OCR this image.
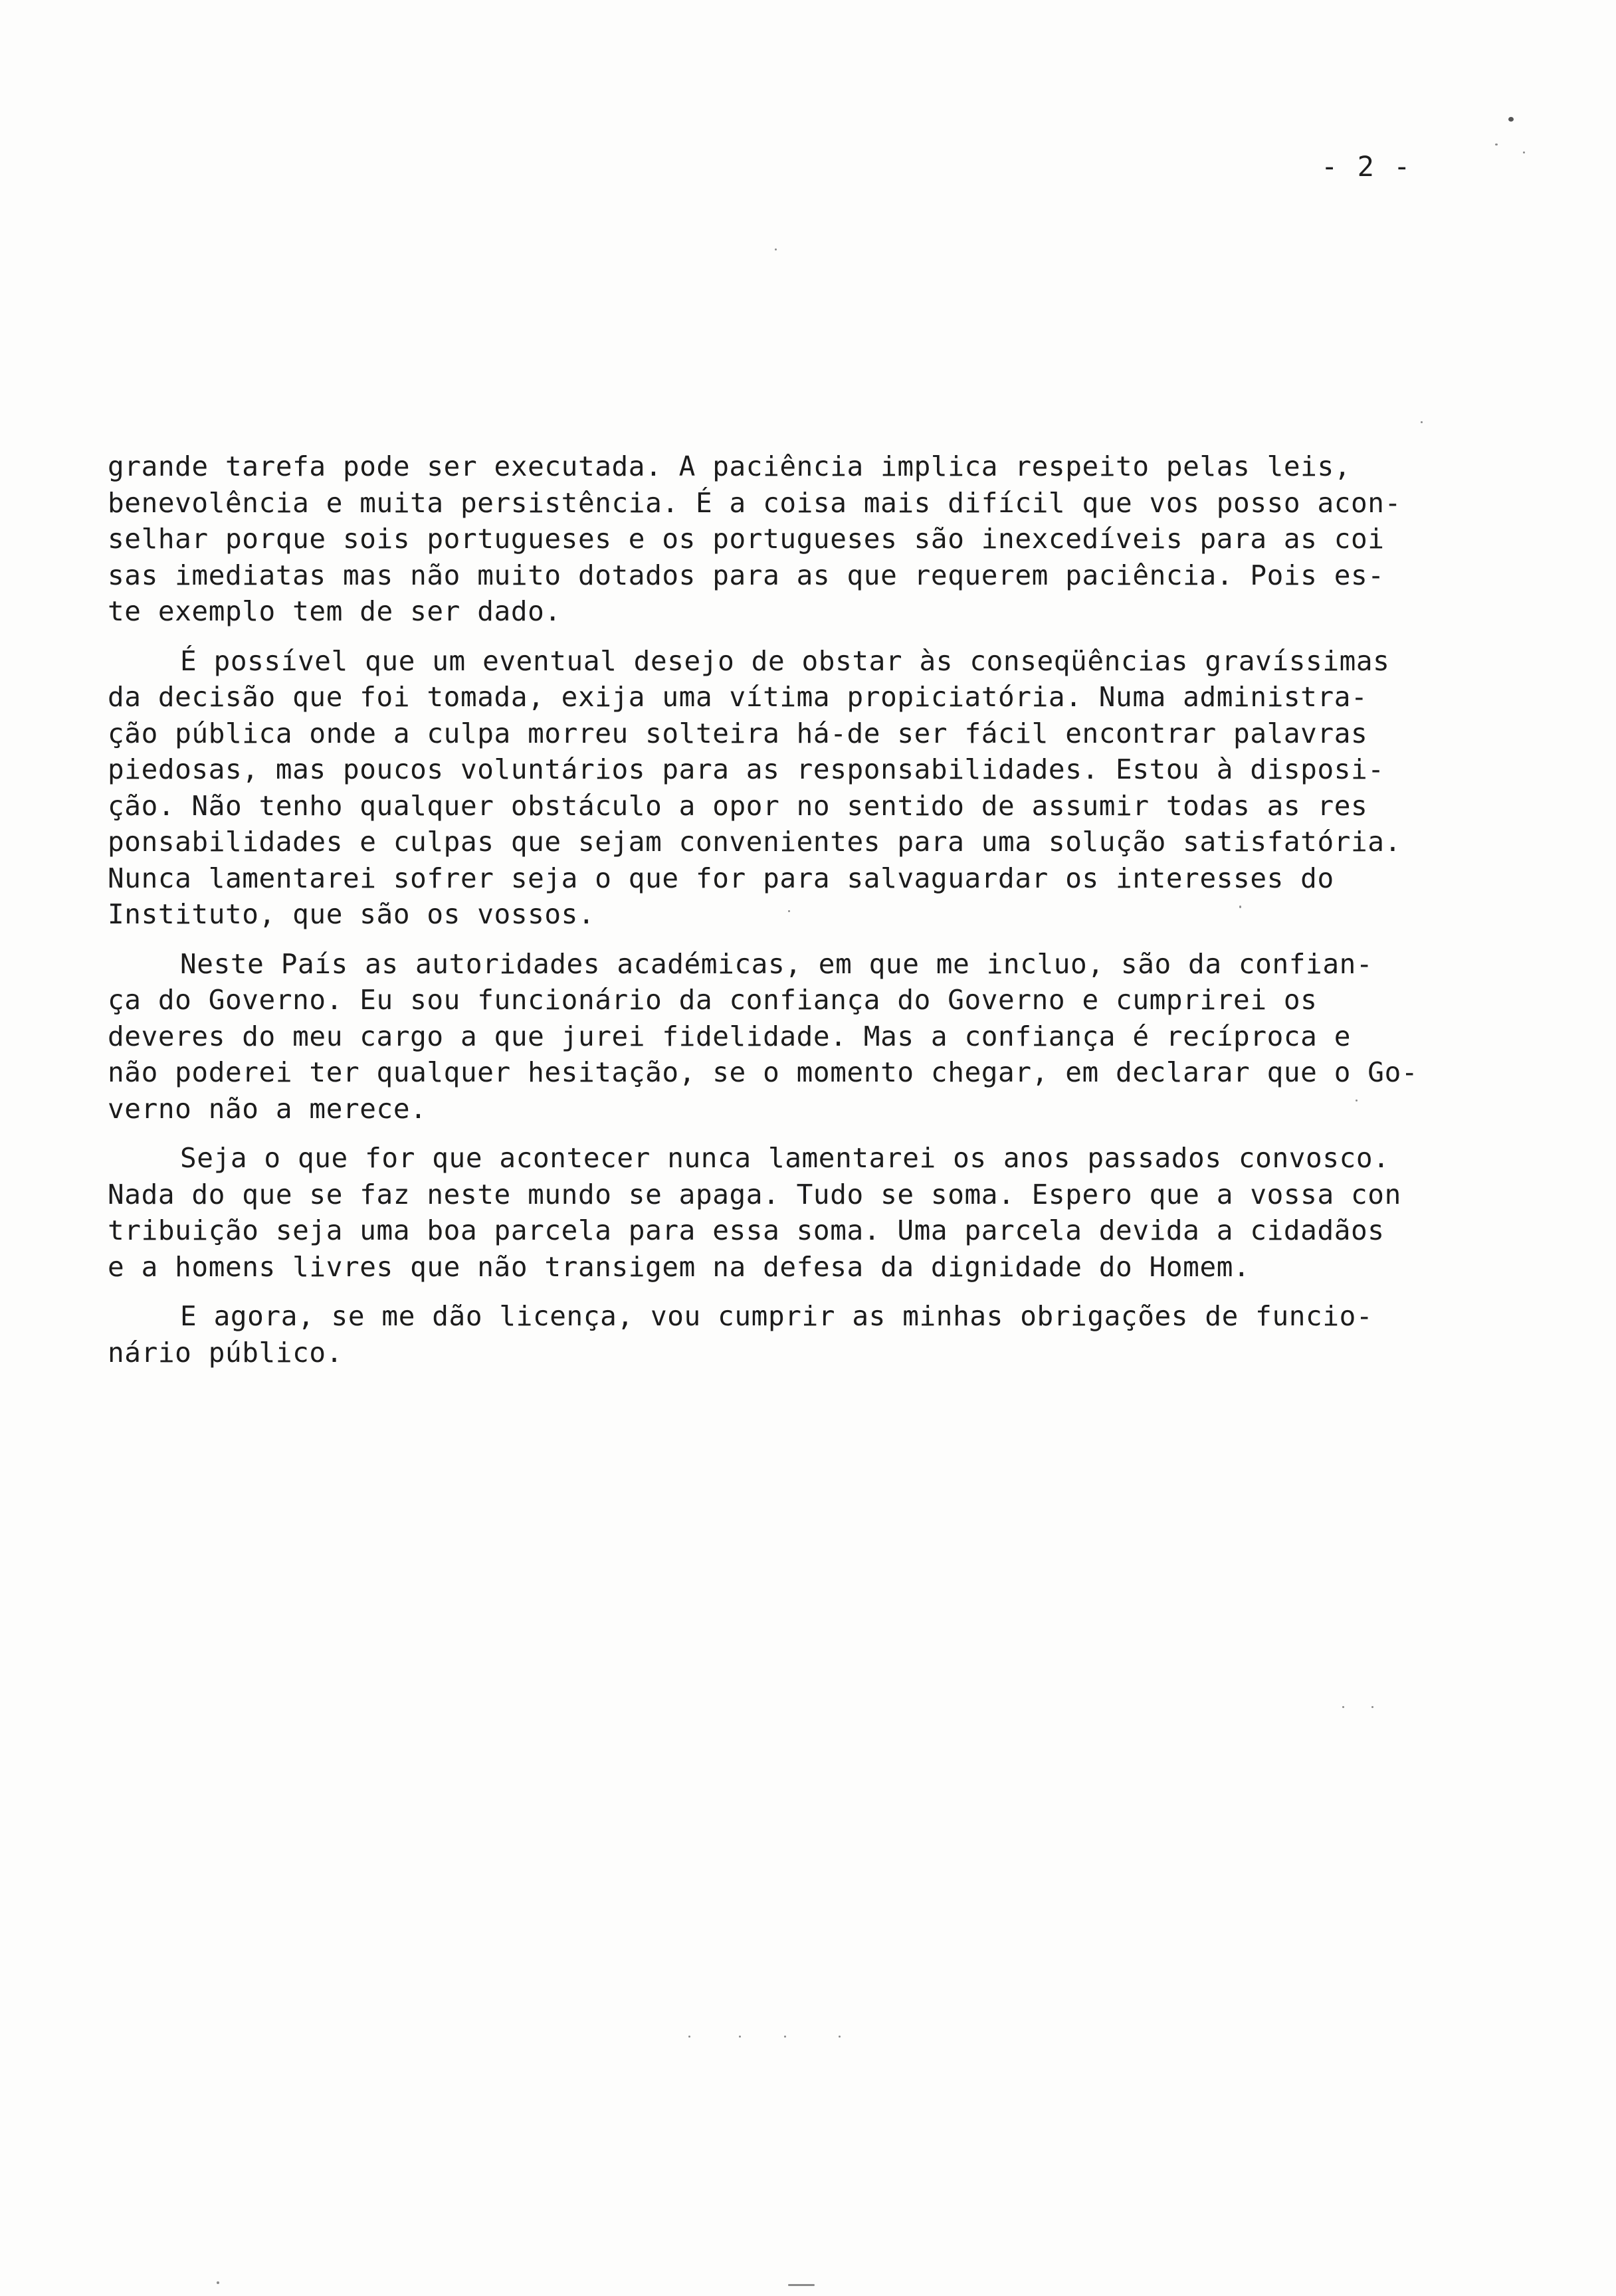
- 2 -
grande tarefa pode ser executada. A paciência implica respeito pelas leis,
benevolência e muita persistência. É a coisa mais difícil que vos posso acon-
selhar porque sois portugueses e os portugueses são inexcedíveis para as coi
sas imediatas mas não muito dotados para as que requerem paciência. Pois es-
te exemplo tem de ser dado.
É possível que um eventual desejo de obstar às conseqüências gravíssimas
da decisão que foi tomada, exija uma vítima propiciatória. Numa administra-
ção pública onde a culpa morreu solteira há-de ser fácil encontrar palavras
piedosas, mas poucos voluntários para as responsabilidades. Estou à disposi-
ção. Não tenho qualquer obstáculo a opor no sentido de assumir todas as res
ponsabilidades e culpas que sejam convenientes para uma solução satisfatória.
Nunca lamentarei sofrer seja o que for para salvaguardar os interesses do
Instituto, que são os vossos.
Neste País as autoridades académicas, em que me incluo, são da confian-
ça do Governo. Eu sou funcionário da confiança do Governo e cumprirei os
deveres do meu cargo a que jurei fidelidade. Mas a confiança é recíproca e
não poderei ter qualquer hesitação, se o momento chegar, em declarar que o Go-
verno não a merece.
Seja o que for que acontecer nunca lamentarei os anos passados convosco.
Nada do que se faz neste mundo se apaga. Tudo se soma. Espero que a vossa con
tribuição seja uma boa parcela para essa soma. Uma parcela devida a cidadãos
e a homens livres que não transigem na defesa da dignidade do Homem.
E agora, se me dão licença, vou cumprir as minhas obrigações de funcio-
nário público.
